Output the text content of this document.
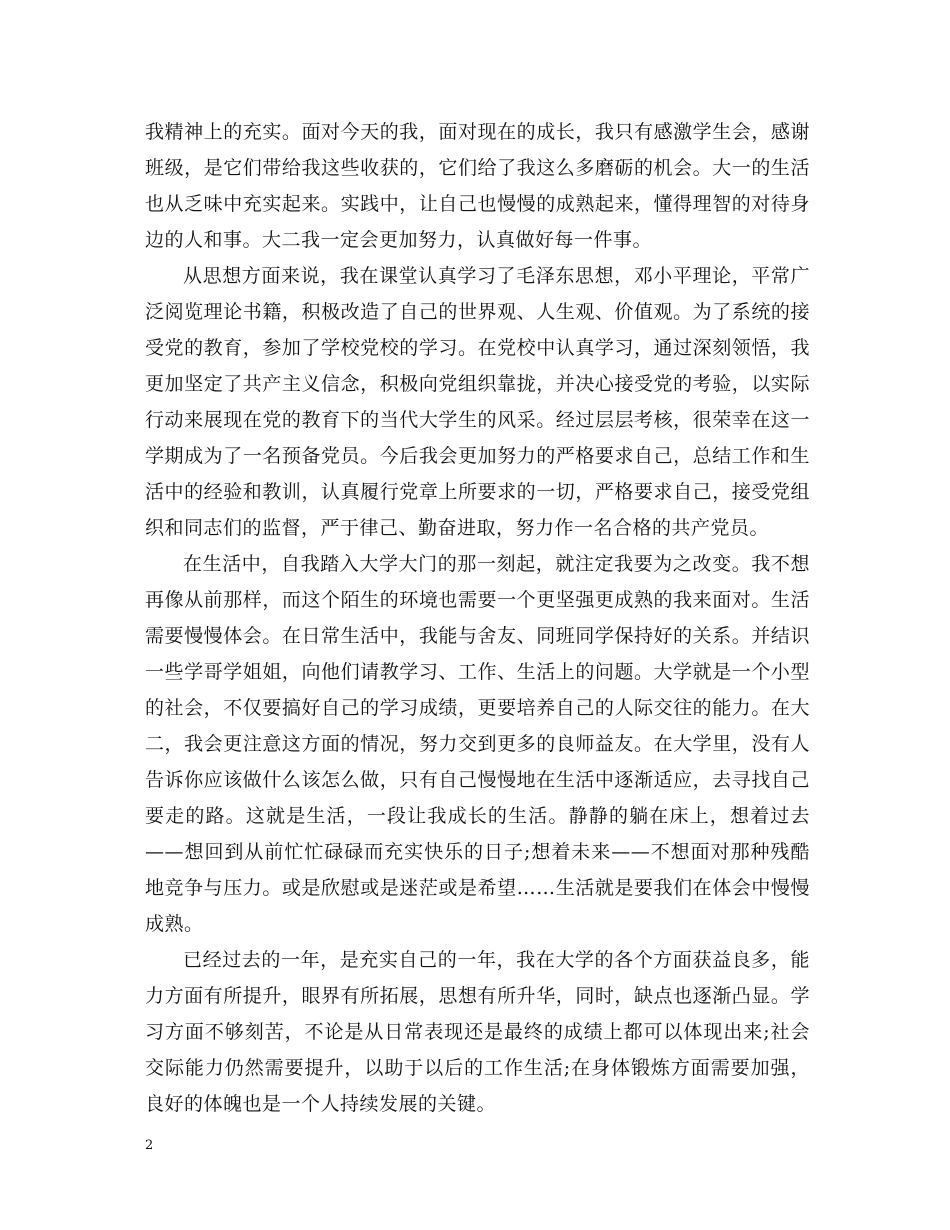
我精神上的充实。面对今天的我，面对现在的成长，我只有感激学生会，感谢班级，是它们带给我这些收获的，它们给了我这么多磨砺的机会。大一的生活也从乏味中充实起来。实践中，让自己也慢慢的成熟起来，懂得理智的对待身边的人和事。大二我一定会更加努力，认真做好每一件事。

从思想方面来说，我在课堂认真学习了毛泽东思想，邓小平理论，平常广泛阅览理论书籍，积极改造了自己的世界观、人生观、价值观。为了系统的接受党的教育，参加了学校党校的学习。在党校中认真学习，通过深刻领悟，我更加坚定了共产主义信念，积极向党组织靠拢，并决心接受党的考验，以实际行动来展现在党的教育下的当代大学生的风采。经过层层考核，很荣幸在这一学期成为了一名预备党员。今后我会更加努力的严格要求自己，总结工作和生活中的经验和教训，认真履行党章上所要求的一切，严格要求自己，接受党组织和同志们的监督，严于律己、勤奋进取，努力作一名合格的共产党员。

在生活中，自我踏入大学大门的那一刻起，就注定我要为之改变。我不想再像从前那样，而这个陌生的环境也需要一个更坚强更成熟的我来面对。生活需要慢慢体会。在日常生活中，我能与舍友、同班同学保持好的关系。并结识一些学哥学姐姐，向他们请教学习、工作、生活上的问题。大学就是一个小型的社会，不仅要搞好自己的学习成绩，更要培养自己的人际交往的能力。在大二，我会更注意这方面的情况，努力交到更多的良师益友。在大学里，没有人告诉你应该做什么该怎么做，只有自己慢慢地在生活中逐渐适应，去寻找自己要走的路。这就是生活，一段让我成长的生活。静静的躺在床上，想着过去——想回到从前忙忙碌碌而充实快乐的日子;想着未来——不想面对那种残酷地竞争与压力。或是欣慰或是迷茫或是希望……生活就是要我们在体会中慢慢成熟。

已经过去的一年，是充实自己的一年，我在大学的各个方面获益良多，能力方面有所提升，眼界有所拓展，思想有所升华，同时，缺点也逐渐凸显。学习方面不够刻苦，不论是从日常表现还是最终的成绩上都可以体现出来;社会交际能力仍然需要提升，以助于以后的工作生活;在身体锻炼方面需要加强，良好的体魄也是一个人持续发展的关键。

2
